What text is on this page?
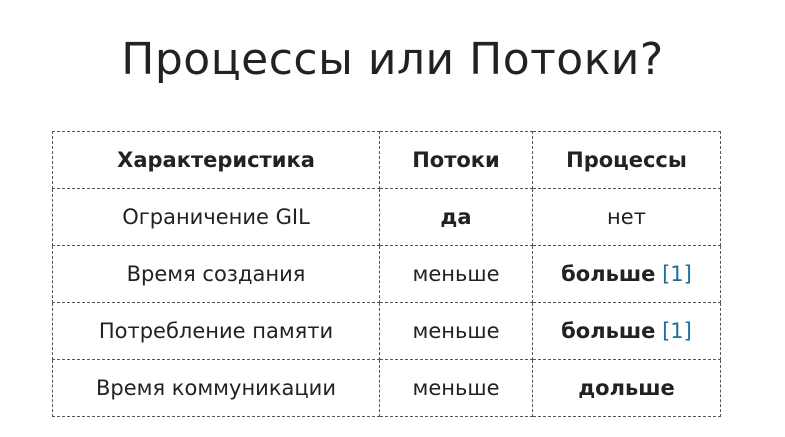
Процессы или Потоки?
Характеристика	Потоки	Процессы
Ограничение GIL	да	нет
Время создания	меньше	больше [1]
Потребление памяти	меньше	больше [1]
Время коммуникации	меньше	дольше
